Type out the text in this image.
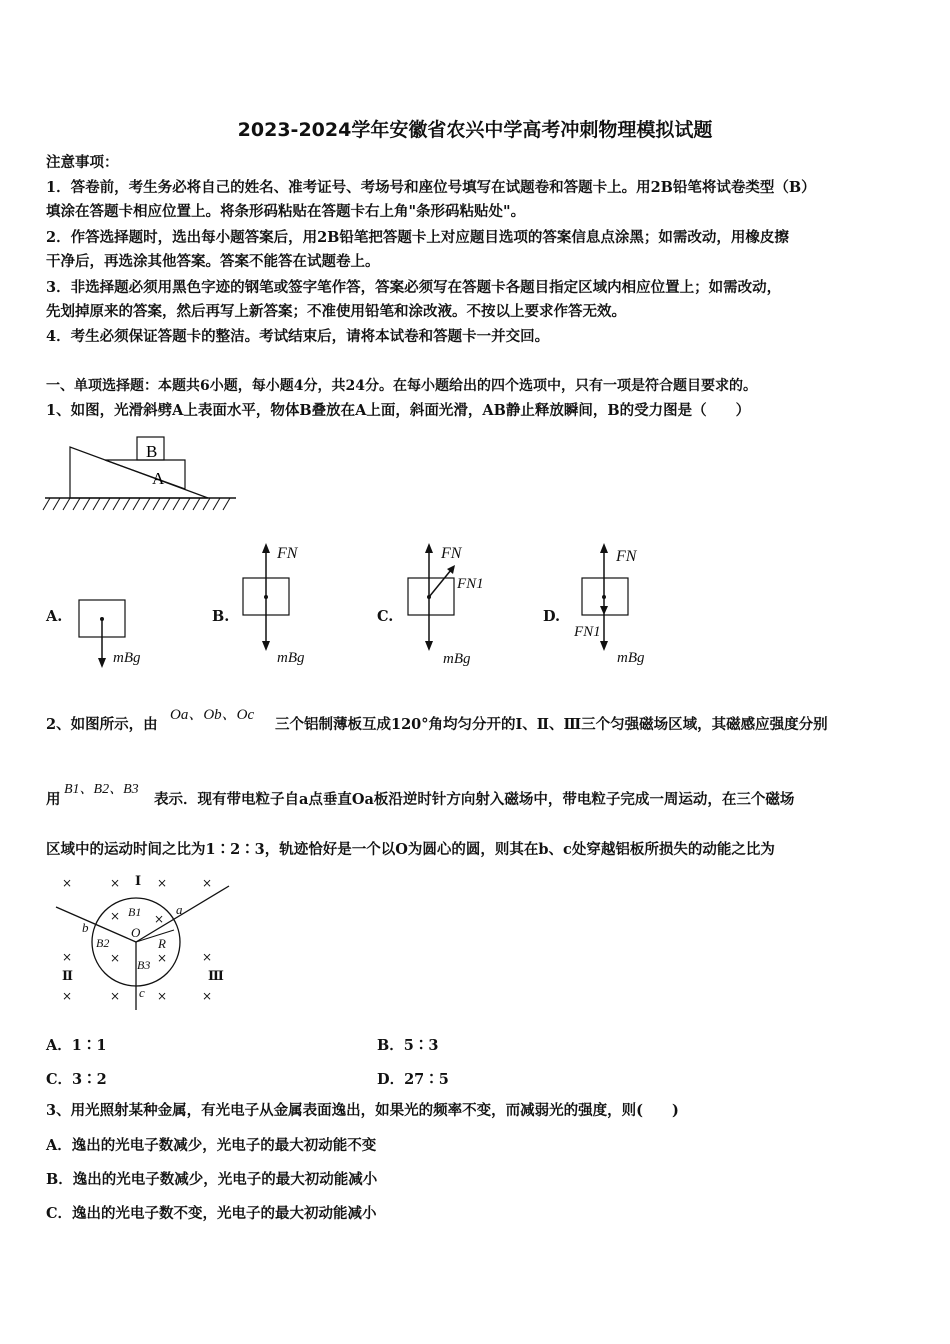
2023-2024学年安徽省农兴中学高考冲刺物理模拟试题
注意事项：
1．答卷前，考生务必将自己的姓名、准考证号、考场号和座位号填写在试题卷和答题卡上。用2B铅笔将试卷类型（B）
填涂在答题卡相应位置上。将条形码粘贴在答题卡右上角"条形码粘贴处"。
2．作答选择题时，选出每小题答案后，用2B铅笔把答题卡上对应题目选项的答案信息点涂黑；如需改动，用橡皮擦
干净后，再选涂其他答案。答案不能答在试题卷上。
3．非选择题必须用黑色字迹的钢笔或签字笔作答，答案必须写在答题卡各题目指定区域内相应位置上；如需改动，
先划掉原来的答案，然后再写上新答案；不准使用铅笔和涂改液。不按以上要求作答无效。
4．考生必须保证答题卡的整洁。考试结束后，请将本试卷和答题卡一并交回。
一、单项选择题：本题共6小题，每小题4分，共24分。在每小题给出的四个选项中，只有一项是符合题目要求的。
1、如图，光滑斜劈A上表面水平，物体B叠放在A上面，斜面光滑，AB静止释放瞬间，B的受力图是（　　）
B
A
A.	B.	C.	D.
mBg
FN
mBg
FN
FN1
mBg
FN
FN1
mBg
2、如图所示，由
Oa、Ob、Oc
三个铝制薄板互成120°角均匀分开的Ⅰ、Ⅱ、Ⅲ三个匀强磁场区域，其磁感应强度分别
用
B1、B2、B3
表示．现有带电粒子自a点垂直Oa板沿逆时针方向射入磁场中，带电粒子完成一周运动，在三个磁场
区域中的运动时间之比为1∶2∶3，轨迹恰好是一个以O为圆心的圆，则其在b、c处穿越铝板所损失的动能之比为
Ⅰ
Ⅱ	Ⅲ
a
b
c
O
R
B1
B2
B3
×	×	×	×
×	×
×	×	×	×
×	×	×	×
A．1∶1	B．5∶3
C．3∶2	D．27∶5
3、用光照射某种金属，有光电子从金属表面逸出，如果光的频率不变，而减弱光的强度，则(　　)
A．逸出的光电子数减少，光电子的最大初动能不变
B．逸出的光电子数减少，光电子的最大初动能减小
C．逸出的光电子数不变，光电子的最大初动能减小
